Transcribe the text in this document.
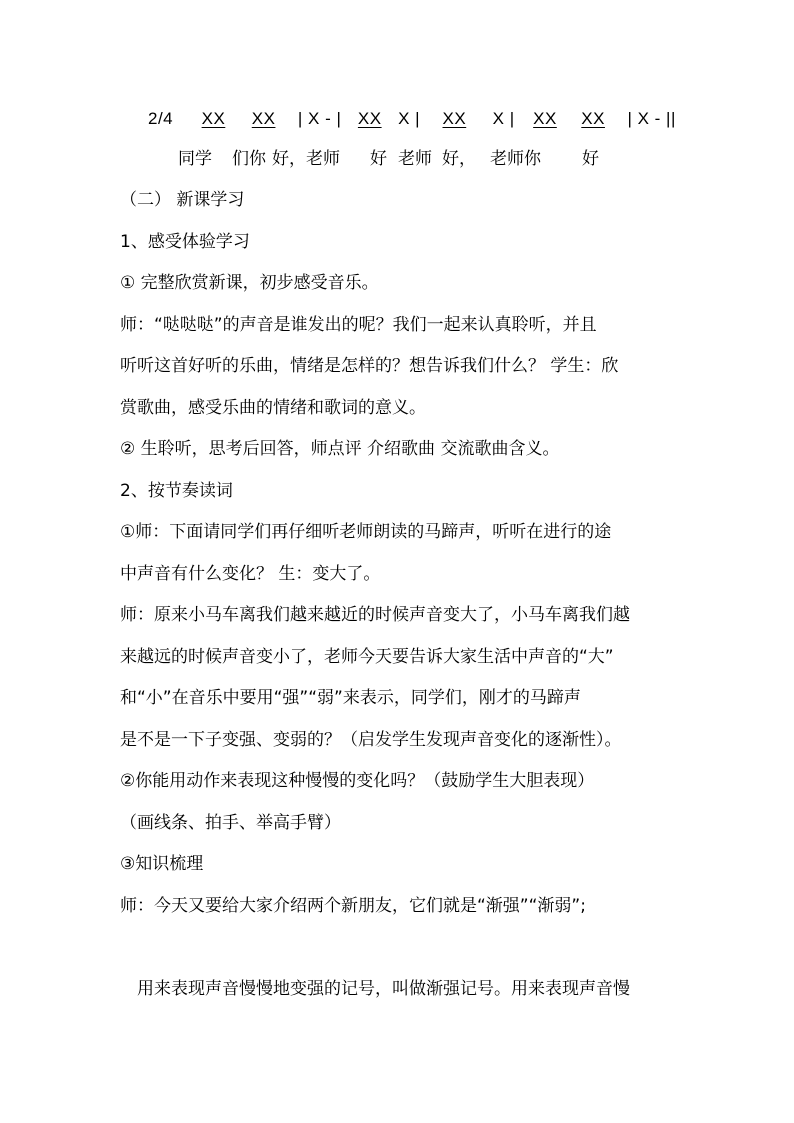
2/4 XX XX | X - | XX X | XX X | XX XX | X - ||
同学 们你 好，老师 好 老师 好， 老师你 好
（二） 新课学习
1、感受体验学习
① 完整欣赏新课，初步感受音乐。
师：“哒哒哒”的声音是谁发出的呢？我们一起来认真聆听，并且
听听这首好听的乐曲，情绪是怎样的？想告诉我们什么？ 学生：欣
赏歌曲，感受乐曲的情绪和歌词的意义。
② 生聆听，思考后回答，师点评 介绍歌曲 交流歌曲含义。
2、按节奏读词
①师：下面请同学们再仔细听老师朗读的马蹄声，听听在进行的途
中声音有什么变化？ 生：变大了。
师：原来小马车离我们越来越近的时候声音变大了，小马车离我们越
来越远的时候声音变小了，老师今天要告诉大家生活中声音的“大”
和“小”在音乐中要用“强”“弱”来表示，同学们，刚才的马蹄声
是不是一下子变强、变弱的？（启发学生发现声音变化的逐渐性）。
②你能用动作来表现这种慢慢的变化吗？（鼓励学生大胆表现）
（画线条、拍手、举高手臂）
③知识梳理
师：今天又要给大家介绍两个新朋友，它们就是“渐强”“渐弱”;
用来表现声音慢慢地变强的记号，叫做渐强记号。用来表现声音慢
